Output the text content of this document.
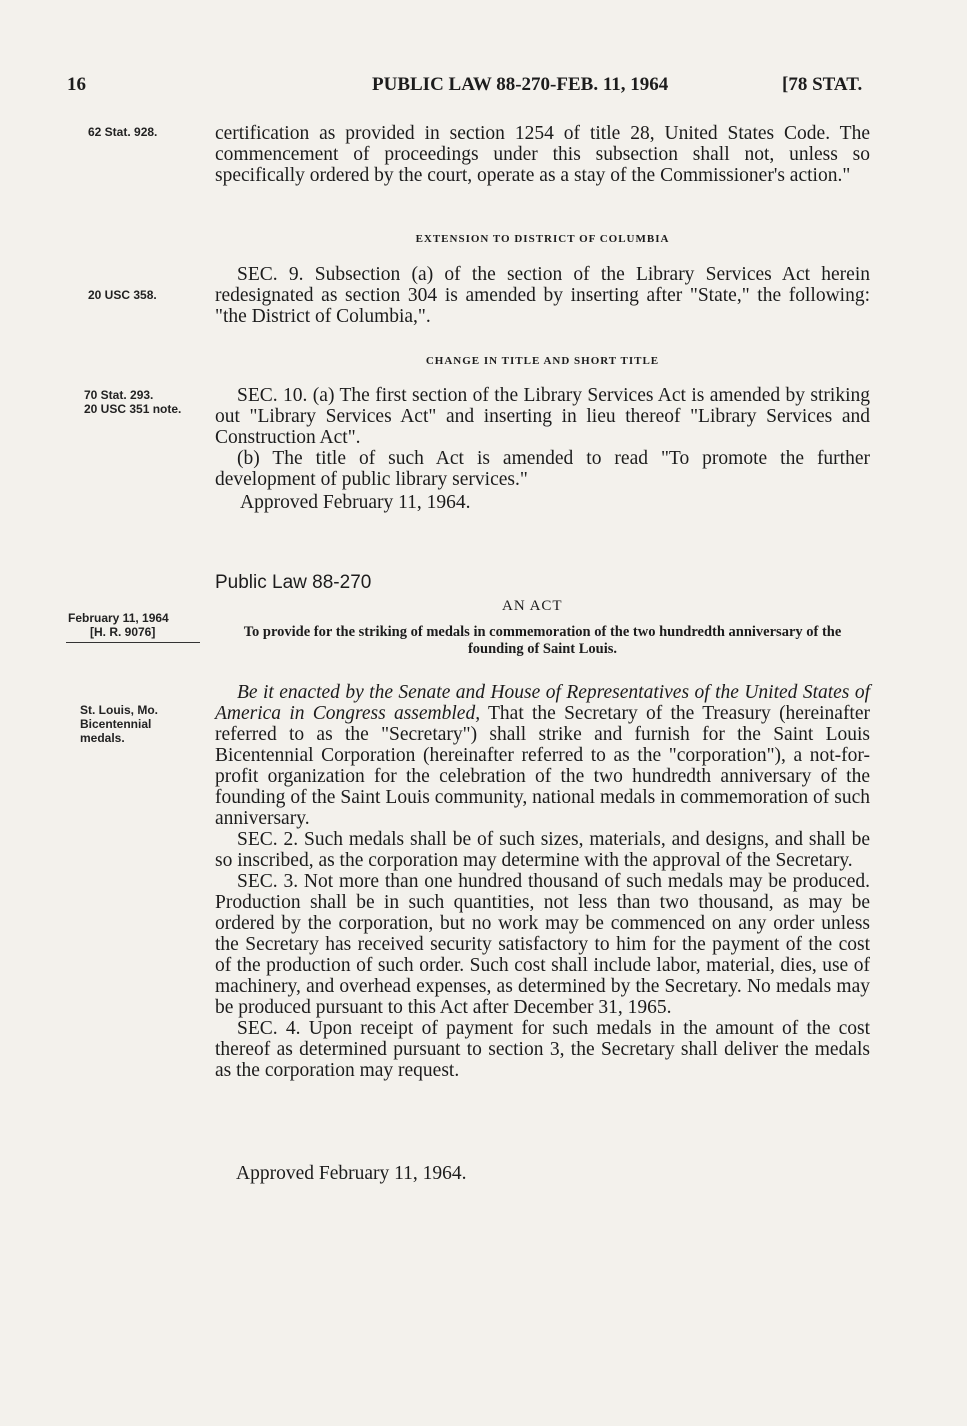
16	PUBLIC LAW 88-270-FEB. 11, 1964	[78 STAT.
62 Stat. 928.
20 USC 358.
70 Stat. 293.
20 USC 351 note.
February 11, 1964
[H. R. 9076]
St. Louis, Mo.
Bicentennial
medals.

certification as provided in section 1254 of title 28, United States Code. The commencement of proceedings under this subsection shall not, unless so specifically ordered by the court, operate as a stay of the Commissioner's action."

EXTENSION TO DISTRICT OF COLUMBIA

SEC. 9. Subsection (a) of the section of the Library Services Act herein redesignated as section 304 is amended by inserting after "State," the following: "the District of Columbia,".

CHANGE IN TITLE AND SHORT TITLE

SEC. 10. (a) The first section of the Library Services Act is amended by striking out "Library Services Act" and inserting in lieu thereof "Library Services and Construction Act".

(b) The title of such Act is amended to read "To promote the further development of public library services."

Approved February 11, 1964.
Public Law 88-270
AN ACT
To provide for the striking of medals in commemoration of the two hundredth anniversary of the founding of Saint Louis.

Be it enacted by the Senate and House of Representatives of the United States of America in Congress assembled, That the Secretary of the Treasury (hereinafter referred to as the "Secretary") shall strike and furnish for the Saint Louis Bicentennial Corporation (hereinafter referred to as the "corporation"), a not-for-profit organization for the celebration of the two hundredth anniversary of the founding of the Saint Louis community, national medals in commemoration of such anniversary.

SEC. 2. Such medals shall be of such sizes, materials, and designs, and shall be so inscribed, as the corporation may determine with the approval of the Secretary.

SEC. 3. Not more than one hundred thousand of such medals may be produced. Production shall be in such quantities, not less than two thousand, as may be ordered by the corporation, but no work may be commenced on any order unless the Secretary has received security satisfactory to him for the payment of the cost of the production of such order. Such cost shall include labor, material, dies, use of machinery, and overhead expenses, as determined by the Secretary. No medals may be produced pursuant to this Act after December 31, 1965.

SEC. 4. Upon receipt of payment for such medals in the amount of the cost thereof as determined pursuant to section 3, the Secretary shall deliver the medals as the corporation may request.

Approved February 11, 1964.
